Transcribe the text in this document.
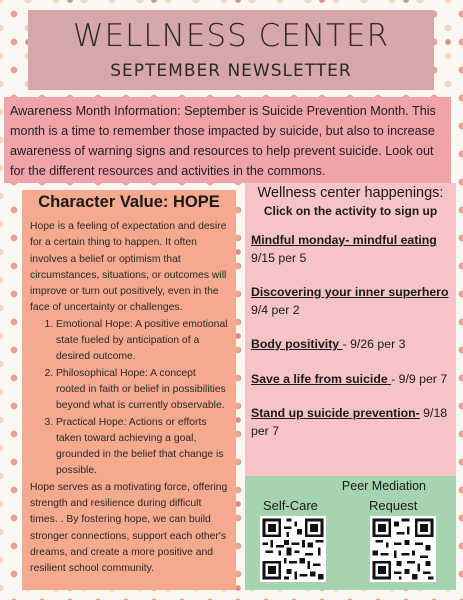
WELLNESS CENTER
SEPTEMBER NEWSLETTER
Awareness Month Information: September is Suicide Prevention Month. This month is a time to remember those impacted by suicide, but also to increase awareness of warning signs and resources to help prevent suicide. Look out for the different resources and activities in the commons.
Character Value: HOPE
Hope is a feeling of expectation and desire for a certain thing to happen. It often involves a belief or optimism that circumstances, situations, or outcomes will improve or turn out positively, even in the face of uncertainty or challenges.
1. Emotional Hope: A positive emotional state fueled by anticipation of a desired outcome.
2. Philosophical Hope: A concept rooted in faith or belief in possibilities beyond what is currently observable.
3. Practical Hope: Actions or efforts taken toward achieving a goal, grounded in the belief that change is possible.
Hope serves as a motivating force, offering strength and resilience during difficult times. . By fostering hope, we can build stronger connections, support each other's dreams, and create a more positive and resilient school community.
Wellness center happenings:
Click on the activity to sign up
Mindful monday- mindful eating
9/15 per 5
Discovering your inner superhero
9/4 per 2
Body positivity - 9/26 per 3
Save a life from suicide - 9/9 per 7
Stand up suicide prevention- 9/18 per 7
Peer Mediation
Self-Care	Request
